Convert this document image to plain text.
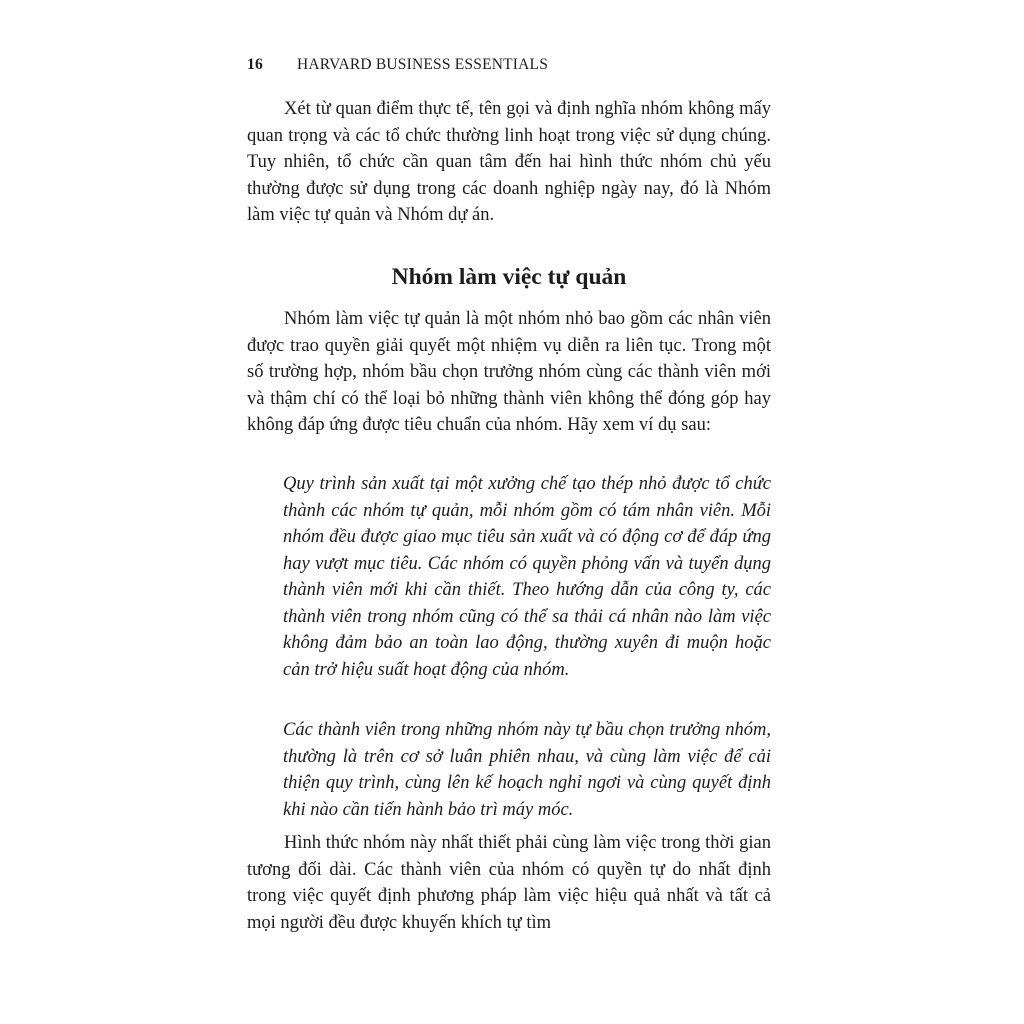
16 HARVARD BUSINESS ESSENTIALS

Xét từ quan điểm thực tế, tên gọi và định nghĩa nhóm không mấy quan trọng và các tổ chức thường linh hoạt trong việc sử dụng chúng. Tuy nhiên, tổ chức cần quan tâm đến hai hình thức nhóm chủ yếu thường được sử dụng trong các doanh nghiệp ngày nay, đó là Nhóm làm việc tự quản và Nhóm dự án.

Nhóm làm việc tự quản

Nhóm làm việc tự quản là một nhóm nhỏ bao gồm các nhân viên được trao quyền giải quyết một nhiệm vụ diễn ra liên tục. Trong một số trường hợp, nhóm bầu chọn trưởng nhóm cùng các thành viên mới và thậm chí có thể loại bỏ những thành viên không thể đóng góp hay không đáp ứng được tiêu chuẩn của nhóm. Hãy xem ví dụ sau:

Quy trình sản xuất tại một xưởng chế tạo thép nhỏ được tổ chức thành các nhóm tự quản, mỗi nhóm gồm có tám nhân viên. Mỗi nhóm đều được giao mục tiêu sản xuất và có động cơ để đáp ứng hay vượt mục tiêu. Các nhóm có quyền phỏng vấn và tuyển dụng thành viên mới khi cần thiết. Theo hướng dẫn của công ty, các thành viên trong nhóm cũng có thể sa thải cá nhân nào làm việc không đảm bảo an toàn lao động, thường xuyên đi muộn hoặc cản trở hiệu suất hoạt động của nhóm.

Các thành viên trong những nhóm này tự bầu chọn trưởng nhóm, thường là trên cơ sở luân phiên nhau, và cùng làm việc để cải thiện quy trình, cùng lên kế hoạch nghỉ ngơi và cùng quyết định khi nào cần tiến hành bảo trì máy móc.

Hình thức nhóm này nhất thiết phải cùng làm việc trong thời gian tương đối dài. Các thành viên của nhóm có quyền tự do nhất định trong việc quyết định phương pháp làm việc hiệu quả nhất và tất cả mọi người đều được khuyến khích tự tìm
